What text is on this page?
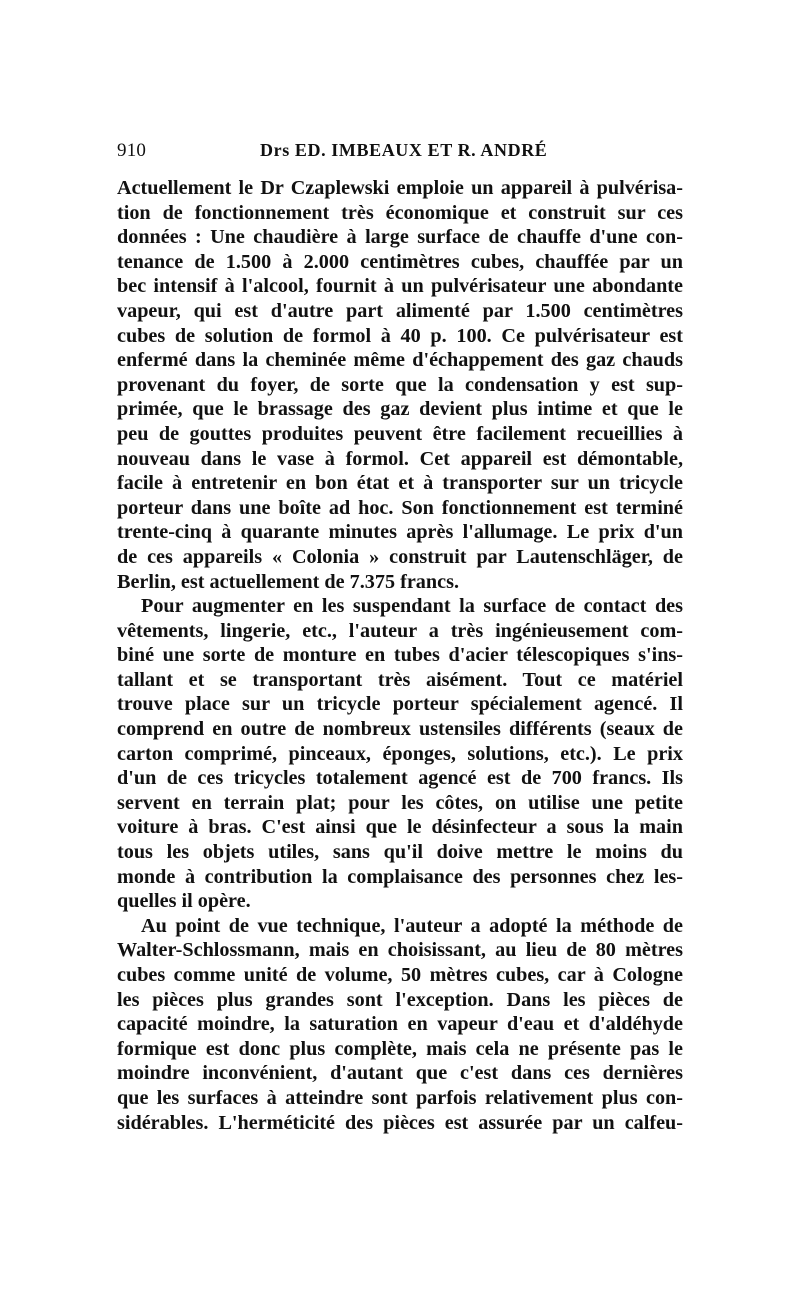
910	Drs ED. IMBEAUX ET R. ANDRÉ
Actuellement le Dr Czaplewski emploie un appareil à pulvérisa-
tion de fonctionnement très économique et construit sur ces
données : Une chaudière à large surface de chauffe d'une con-
tenance de 1.500 à 2.000 centimètres cubes, chauffée par un
bec intensif à l'alcool, fournit à un pulvérisateur une abondante
vapeur, qui est d'autre part alimenté par 1.500 centimètres
cubes de solution de formol à 40 p. 100. Ce pulvérisateur est
enfermé dans la cheminée même d'échappement des gaz chauds
provenant du foyer, de sorte que la condensation y est sup-
primée, que le brassage des gaz devient plus intime et que le
peu de gouttes produites peuvent être facilement recueillies à
nouveau dans le vase à formol. Cet appareil est démontable,
facile à entretenir en bon état et à transporter sur un tricycle
porteur dans une boîte ad hoc. Son fonctionnement est terminé
trente-cinq à quarante minutes après l'allumage. Le prix d'un
de ces appareils « Colonia » construit par Lautenschläger, de
Berlin, est actuellement de 7.375 francs.
Pour augmenter en les suspendant la surface de contact des
vêtements, lingerie, etc., l'auteur a très ingénieusement com-
biné une sorte de monture en tubes d'acier télescopiques s'ins-
tallant et se transportant très aisément. Tout ce matériel
trouve place sur un tricycle porteur spécialement agencé. Il
comprend en outre de nombreux ustensiles différents (seaux de
carton comprimé, pinceaux, éponges, solutions, etc.). Le prix
d'un de ces tricycles totalement agencé est de 700 francs. Ils
servent en terrain plat; pour les côtes, on utilise une petite
voiture à bras. C'est ainsi que le désinfecteur a sous la main
tous les objets utiles, sans qu'il doive mettre le moins du
monde à contribution la complaisance des personnes chez les-
quelles il opère.
Au point de vue technique, l'auteur a adopté la méthode de
Walter-Schlossmann, mais en choisissant, au lieu de 80 mètres
cubes comme unité de volume, 50 mètres cubes, car à Cologne
les pièces plus grandes sont l'exception. Dans les pièces de
capacité moindre, la saturation en vapeur d'eau et d'aldéhyde
formique est donc plus complète, mais cela ne présente pas le
moindre inconvénient, d'autant que c'est dans ces dernières
que les surfaces à atteindre sont parfois relativement plus con-
sidérables. L'herméticité des pièces est assurée par un calfeu-
